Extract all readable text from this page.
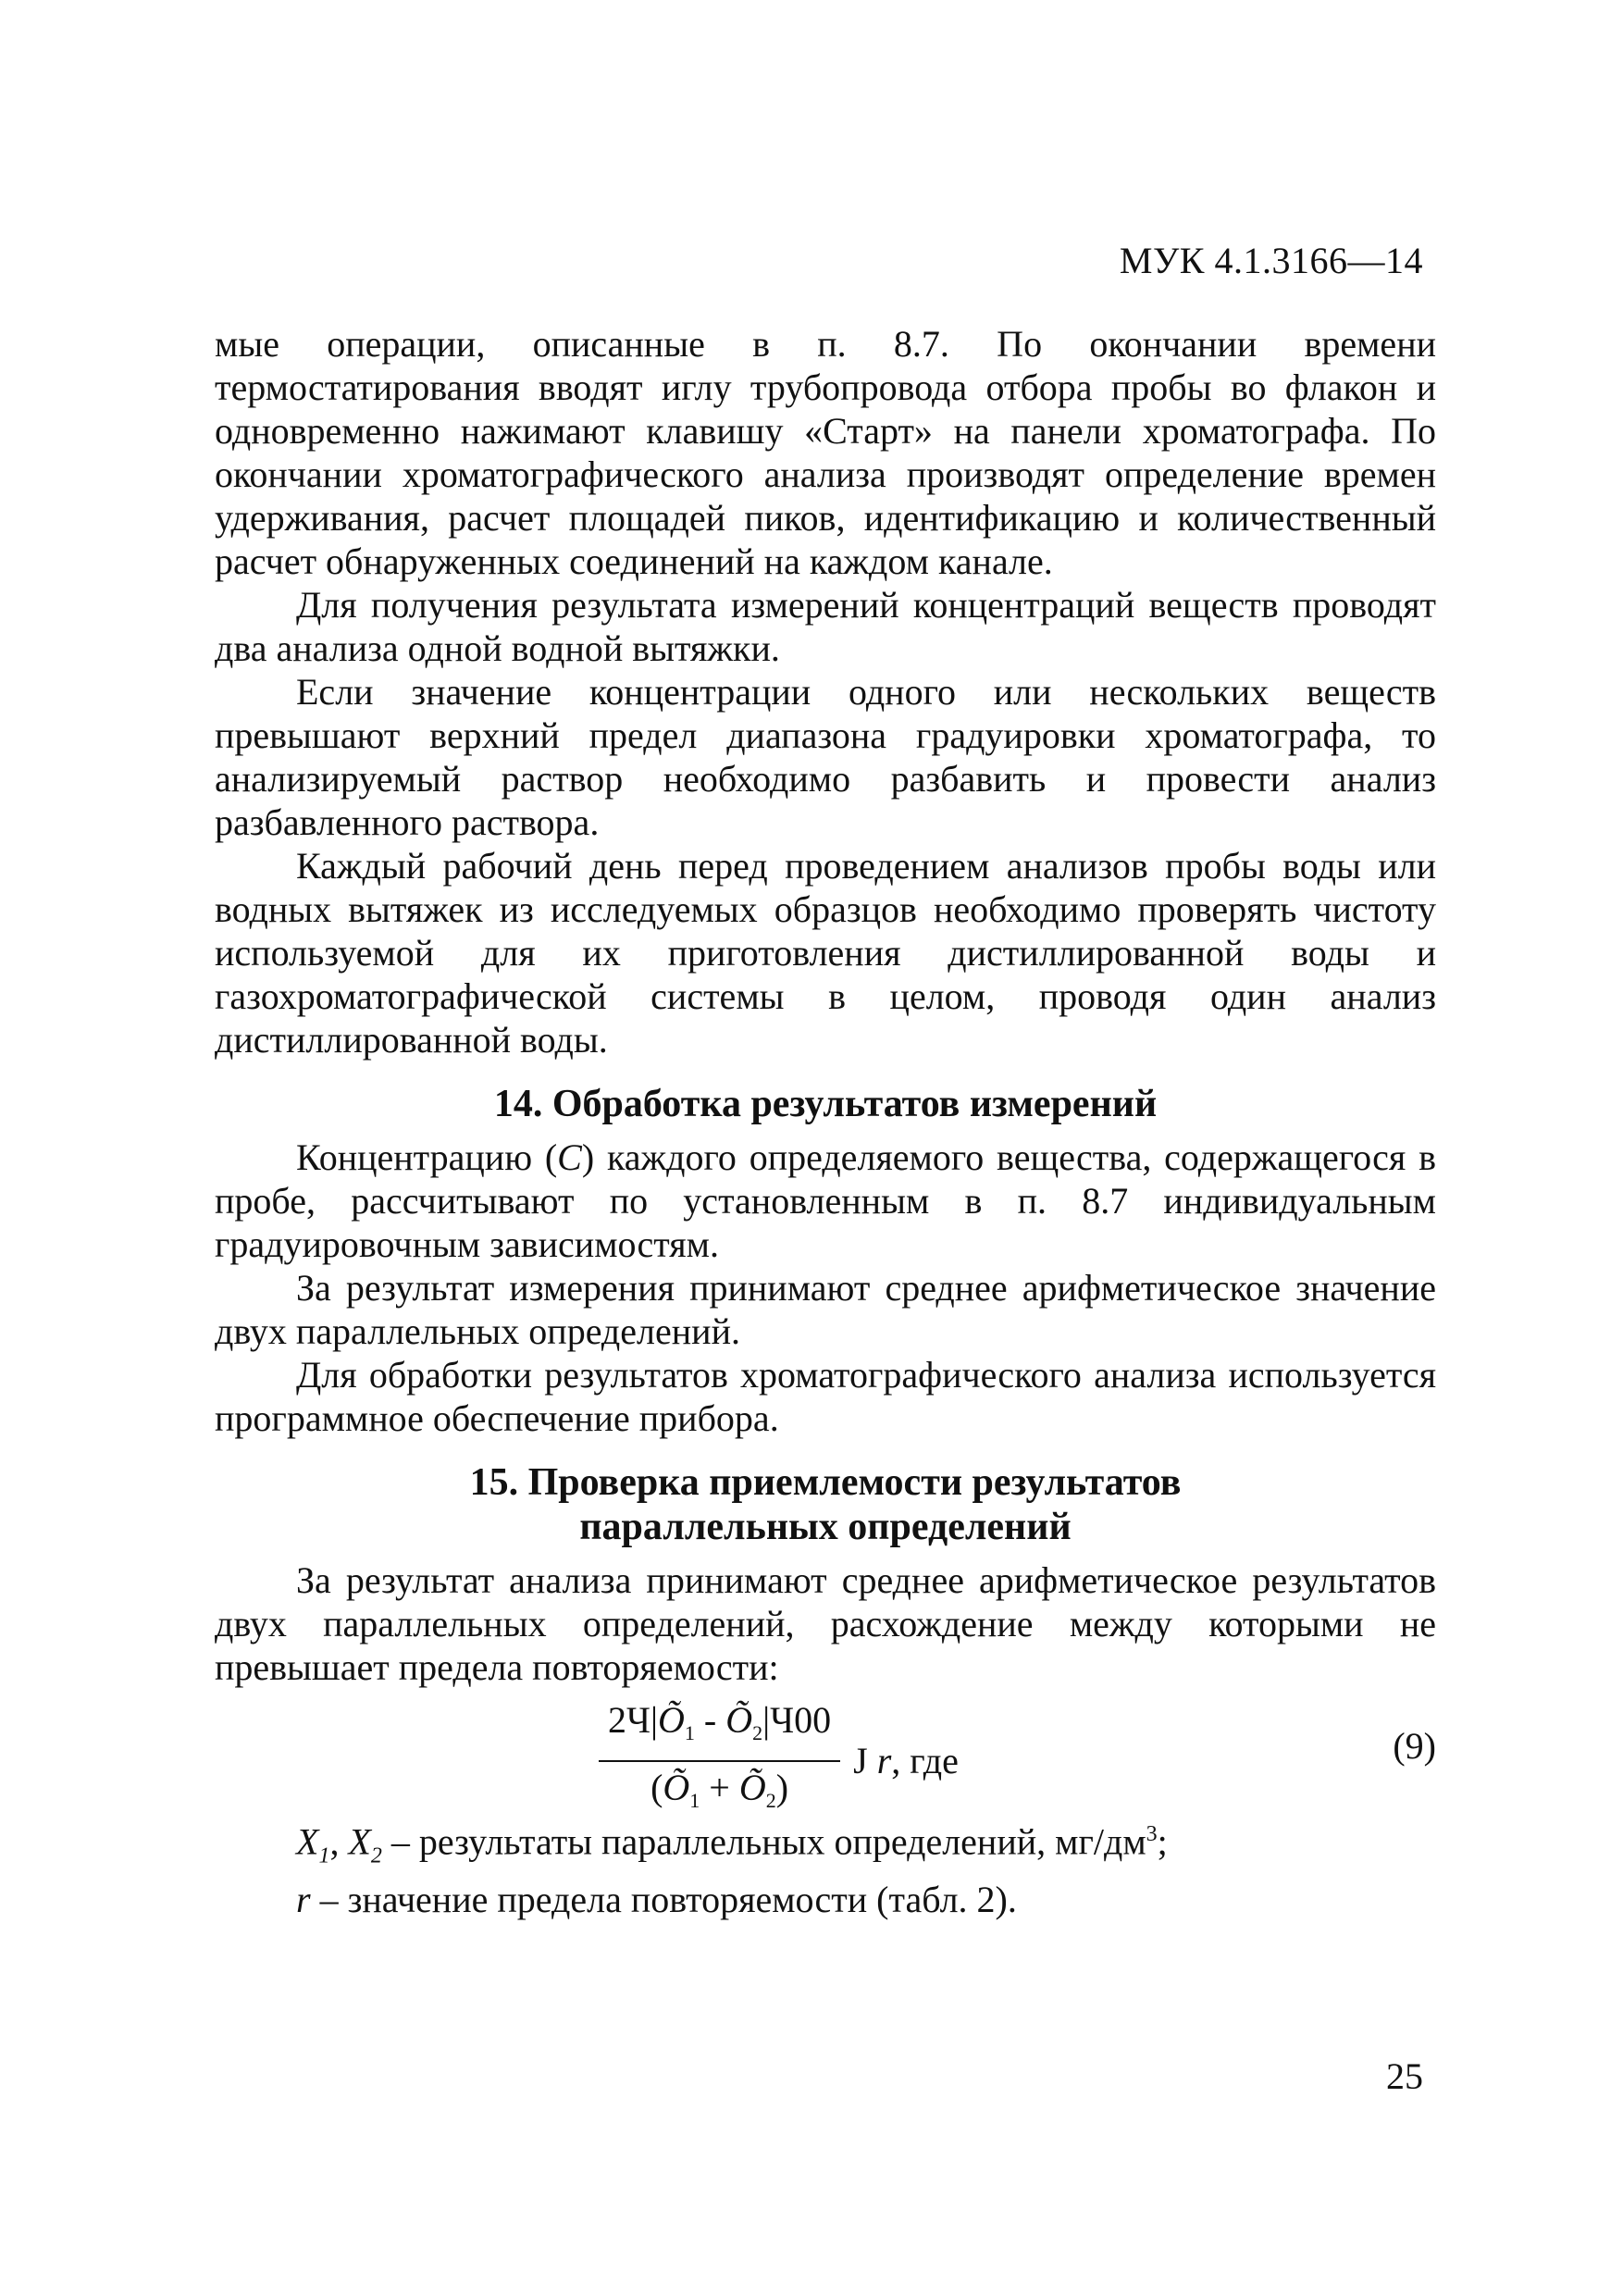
МУК 4.1.3166—14

мые операции, описанные в п. 8.7. По окончании времени термостатирования вводят иглу трубопровода отбора пробы во флакон и одновременно нажимают клавишу «Старт» на панели хроматографа. По окончании хроматографического анализа производят определение времен удерживания, расчет площадей пиков, идентификацию и количественный расчет обнаруженных соединений на каждом канале.

Для получения результата измерений концентраций веществ проводят два анализа одной водной вытяжки.

Если значение концентрации одного или нескольких веществ превышают верхний предел диапазона градуировки хроматографа, то анализируемый раствор необходимо разбавить и провести анализ разбавленного раствора.

Каждый рабочий день перед проведением анализов пробы воды или водных вытяжек из исследуемых образцов необходимо проверять чистоту используемой для их приготовления дистиллированной воды и газохроматографической системы в целом, проводя один анализ дистиллированной воды.

14. Обработка результатов измерений

Концентрацию (С) каждого определяемого вещества, содержащегося в пробе, рассчитывают по установленным в п. 8.7 индивидуальным градуировочным зависимостям.

За результат измерения принимают среднее арифметическое значение двух параллельных определений.

Для обработки результатов хроматографического анализа используется программное обеспечение прибора.

15. Проверка приемлемости результатов
параллельных определений

За результат анализа принимают среднее арифметическое результатов двух параллельных определений, расхождение между которыми не превышает предела повторяемости:

$\frac{2Ч|Õ_1 - Õ_2|Ч00}{(Õ_1 + Õ_2)}$ J r, где	(9)

$X_1$, $X_2$ – результаты параллельных определений, $мг/дм^3$;

r – значение предела повторяемости (табл. 2).

25
